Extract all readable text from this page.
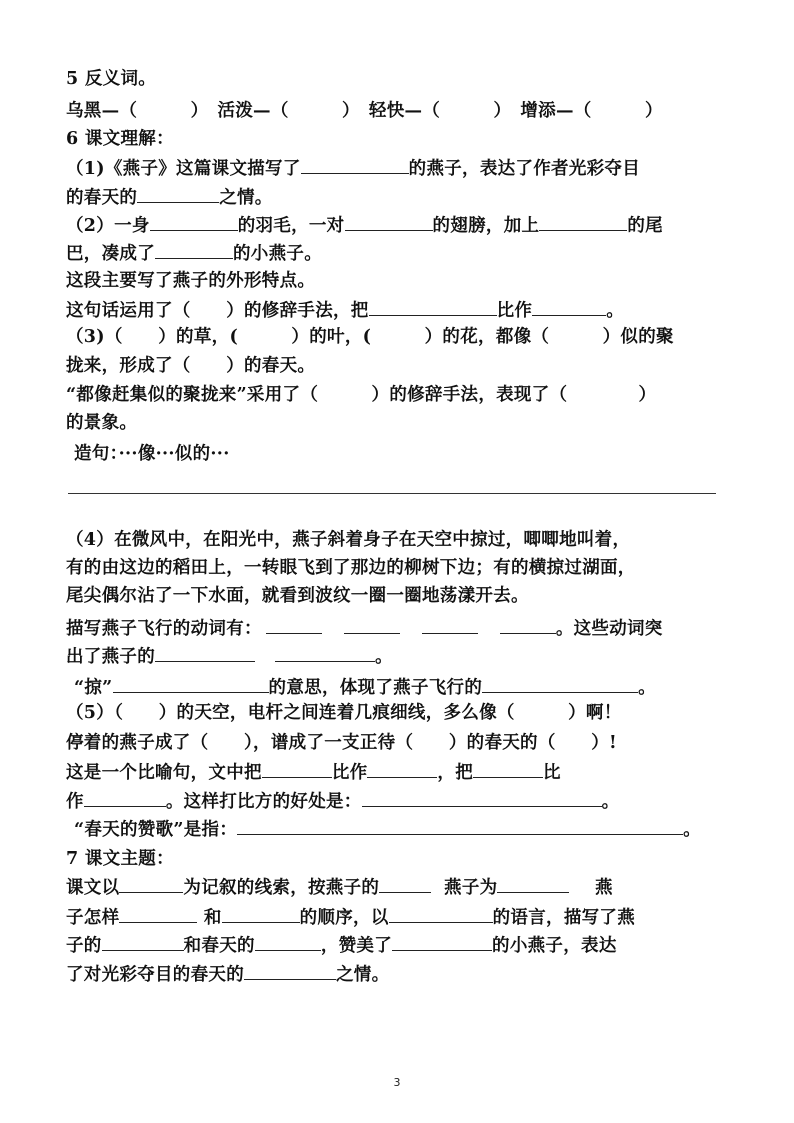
5 反义词。
乌黑—（　　　）　活泼—（　　　）　轻快—（　　　）　增添—（　　　）
6 课文理解：
（1)《燕子》这篇课文描写了	的燕子，表达了作者光彩夺目
的春天的	之情。
（2）一身	的羽毛，一对	的翅膀，加上	的尾
巴，凑成了	的小燕子。
这段主要写了燕子的外形特点。
这句话运用了（　　）的修辞手法，把	比作	。
（3)（　　）的草，(　　　）的叶，(　　　）的花，都像（　　　）似的聚
拢来，形成了（　　）的春天。
“都像赶集似的聚拢来”采用了（　　　）的修辞手法，表现了（　　　　）
的景象。
造句：···像···似的···
（4）在微风中，在阳光中，燕子斜着身子在天空中掠过，唧唧地叫着，
有的由这边的稻田上，一转眼飞到了那边的柳树下边；有的横掠过湖面，
尾尖偶尔沾了一下水面，就看到波纹一圈一圈地荡漾开去。
描写燕子飞行的动词有：	。这些动词突
出了燕子的	。
“掠”	的意思，体现了燕子飞行的	。
（5）（　　）的天空，电杆之间连着几痕细线，多么像（　　　）啊！
停着的燕子成了（　　），谱成了一支正待（　　）的春天的（　　）!
这是一个比喻句，文中把	比作	，把	比
作	。这样打比方的好处是：	。
“春天的赞歌”是指：	。
7 课文主题：
课文以	为记叙的线索，按燕子的	燕子为	燕
子怎样	和	的顺序，以	的语言，描写了燕
子的	和春天的	，赞美了	的小燕子，表达
了对光彩夺目的春天的	之情。
3
